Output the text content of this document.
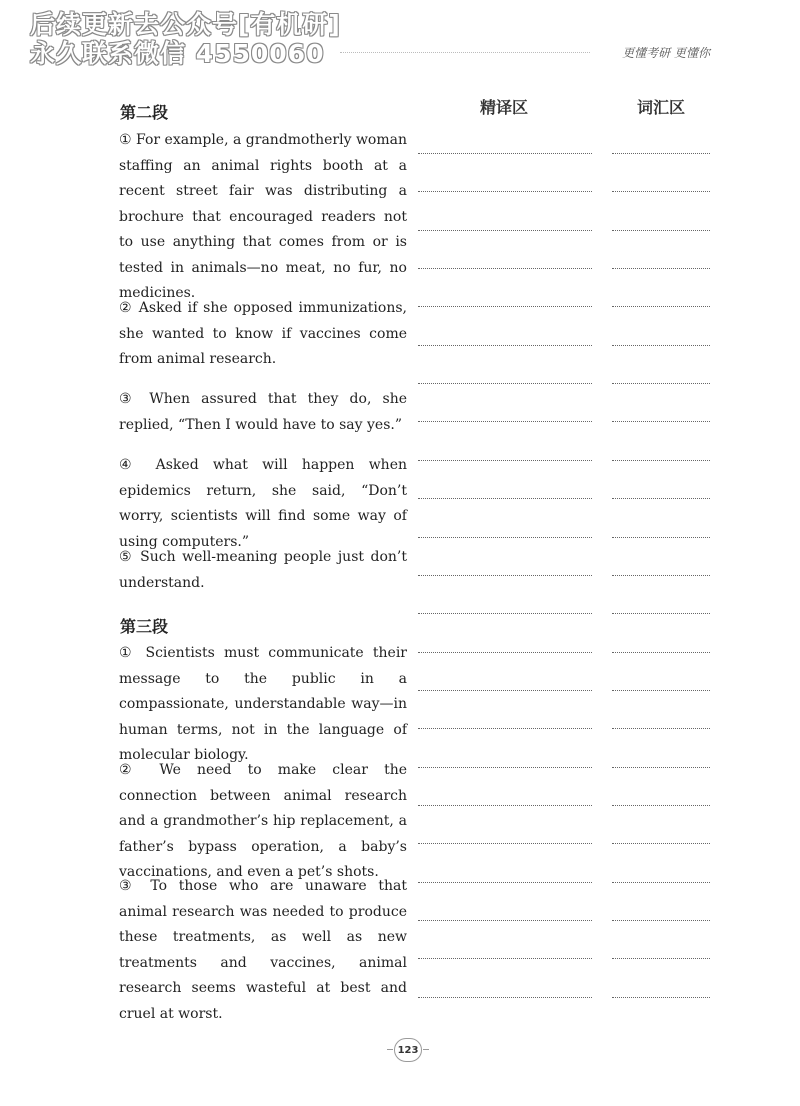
后续更新去公众号[有机研]
永久联系微信 4550060	更懂考研 更懂你
精译区	词汇区
第二段
① For example, a grandmotherly woman staffing an animal rights booth at a recent street fair was distributing a brochure that encouraged readers not to use anything that comes from or is tested in animals—no meat, no fur, no medicines.
② Asked if she opposed immunizations, she wanted to know if vaccines come from animal research.
③ When assured that they do, she replied, “Then I would have to say yes.”
④ Asked what will happen when epidemics return, she said, “Don’t worry, scientists will find some way of using computers.”
⑤ Such well-meaning people just don’t understand.
第三段
① Scientists must communicate their message to the public in a compassionate, understandable way—in human terms, not in the language of molecular biology.
② We need to make clear the connection between animal research and a grandmother’s hip replacement, a father’s bypass operation, a baby’s vaccinations, and even a pet’s shots.
③ To those who are unaware that animal research was needed to produce these treatments, as well as new treatments and vaccines, animal research seems wasteful at best and cruel at worst.
123
